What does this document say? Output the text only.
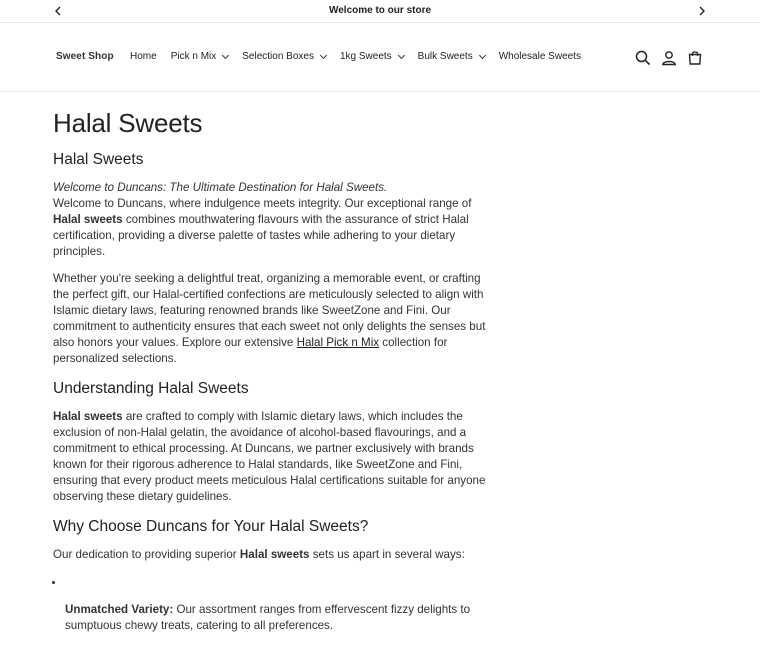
Welcome to our store
Sweet Shop Home Pick n Mix	Selection Boxes	1kg Sweets	Bulk Sweets	Wholesale Sweets
Halal Sweets
Halal Sweets

Welcome to Duncans: The Ultimate Destination for Halal Sweets.
Welcome to Duncans, where indulgence meets integrity. Our exceptional range of Halal sweets combines mouthwatering flavours with the assurance of strict Halal certification, providing a diverse palette of tastes while adhering to your dietary principles.

Whether you're seeking a delightful treat, organizing a memorable event, or crafting the perfect gift, our Halal-certified confections are meticulously selected to align with Islamic dietary laws, featuring renowned brands like SweetZone and Fini. Our commitment to authenticity ensures that each sweet not only delights the senses but also honors your values. Explore our extensive Halal Pick n Mix collection for personalized selections.

Understanding Halal Sweets

Halal sweets are crafted to comply with Islamic dietary laws, which includes the exclusion of non-Halal gelatin, the avoidance of alcohol-based flavourings, and a commitment to ethical processing. At Duncans, we partner exclusively with brands known for their rigorous adherence to Halal standards, like SweetZone and Fini, ensuring that every product meets meticulous Halal certifications suitable for anyone observing these dietary guidelines.

Why Choose Duncans for Your Halal Sweets?

Our dedication to providing superior Halal sweets sets us apart in several ways:

•

Unmatched Variety: Our assortment ranges from effervescent fizzy delights to sumptuous chewy treats, catering to all preferences.
